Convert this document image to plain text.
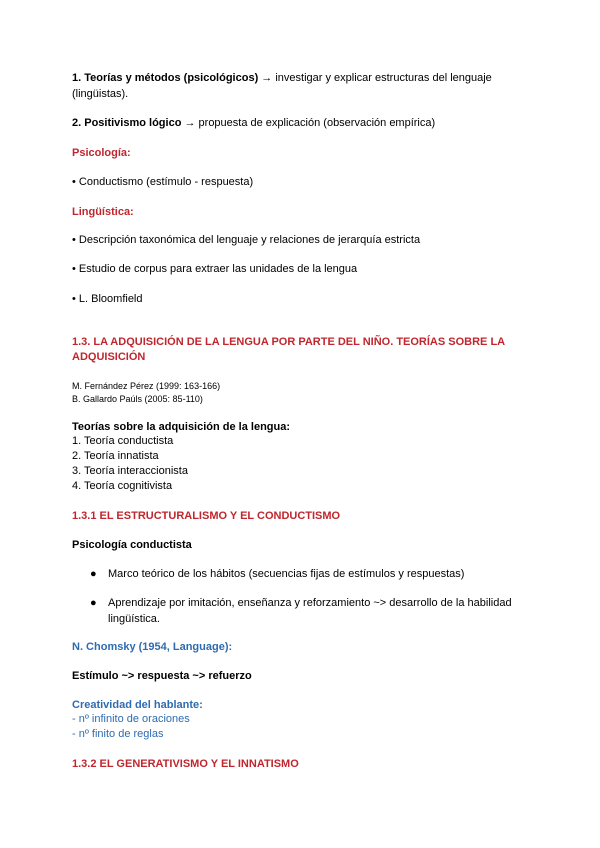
1. Teorías y métodos (psicológicos) → investigar y explicar estructuras del lenguaje
(lingüistas).
2. Positivismo lógico → propuesta de explicación (observación empírica)
Psicología:
• Conductismo (estímulo - respuesta)
Lingüística:
• Descripción taxonómica del lenguaje y relaciones de jerarquía estricta
• Estudio de corpus para extraer las unidades de la lengua
• L. Bloomfield
1.3. LA ADQUISICIÓN DE LA LENGUA POR PARTE DEL NIÑO. TEORÍAS SOBRE LA
ADQUISICIÓN
M. Fernández Pérez (1999: 163-166)
B. Gallardo Paúls (2005: 85-110)
Teorías sobre la adquisición de la lengua:
1. Teoría conductista
2. Teoría innatista
3. Teoría interaccionista
4. Teoría cognitivista
1.3.1 EL ESTRUCTURALISMO Y EL CONDUCTISMO
Psicología conductista
● Marco teórico de los hábitos (secuencias fijas de estímulos y respuestas)
● Aprendizaje por imitación, enseñanza y reforzamiento ~> desarrollo de la habilidad lingüística.
N. Chomsky (1954, Language):
Estímulo ~> respuesta ~> refuerzo
Creatividad del hablante:
- nº infinito de oraciones
- nº finito de reglas
1.3.2 EL GENERATIVISMO Y EL INNATISMO
